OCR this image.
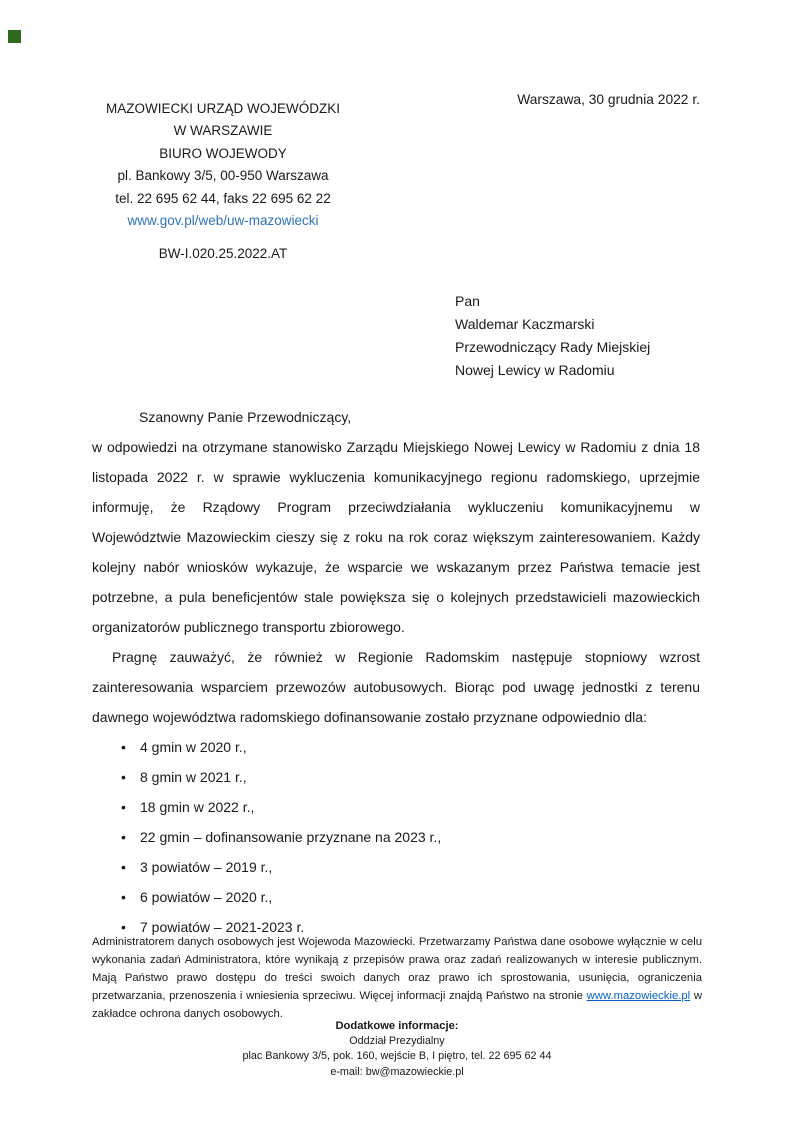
Warszawa, 30 grudnia 2022 r.
MAZOWIECKI URZĄD WOJEWÓDZKI
W WARSZAWIE
BIURO WOJEWODY
pl. Bankowy 3/5, 00-950 Warszawa
tel. 22 695 62 44, faks 22 695 62 22
www.gov.pl/web/uw-mazowiecki
BW-I.020.25.2022.AT
Pan
Waldemar Kaczmarski
Przewodniczący Rady Miejskiej
Nowej Lewicy w Radomiu

Szanowny Panie Przewodniczący,

w odpowiedzi na otrzymane stanowisko Zarządu Miejskiego Nowej Lewicy w Radomiu z dnia 18 listopada 2022 r. w sprawie wykluczenia komunikacyjnego regionu radomskiego, uprzejmie informuję, że Rządowy Program przeciwdziałania wykluczeniu komunikacyjnemu w Województwie Mazowieckim cieszy się z roku na rok coraz większym zainteresowaniem. Każdy kolejny nabór wniosków wykazuje, że wsparcie we wskazanym przez Państwa temacie jest potrzebne, a pula beneficjentów stale powiększa się o kolejnych przedstawicieli mazowieckich organizatorów publicznego transportu zbiorowego.

Pragnę zauważyć, że również w Regionie Radomskim następuje stopniowy wzrost zainteresowania wsparciem przewozów autobusowych. Biorąc pod uwagę jednostki z terenu dawnego województwa radomskiego dofinansowanie zostało przyznane odpowiednio dla:

• 4 gmin w 2020 r.,
• 8 gmin w 2021 r.,
• 18 gmin w 2022 r.,
• 22 gmin – dofinansowanie przyznane na 2023 r.,
• 3 powiatów – 2019 r.,
• 6 powiatów – 2020 r.,
• 7 powiatów – 2021-2023 r.
Administratorem danych osobowych jest Wojewoda Mazowiecki. Przetwarzamy Państwa dane osobowe wyłącznie w celu wykonania zadań Administratora, które wynikają z przepisów prawa oraz zadań realizowanych w interesie publicznym. Mają Państwo prawo dostępu do treści swoich danych oraz prawo ich sprostowania, usunięcia, ograniczenia przetwarzania, przenoszenia i wniesienia sprzeciwu. Więcej informacji znajdą Państwo na stronie www.mazowieckie.pl w zakładce ochrona danych osobowych.
Dodatkowe informacje:
Oddział Prezydialny
plac Bankowy 3/5, pok. 160, wejście B, I piętro, tel. 22 695 62 44
e-mail: bw@mazowieckie.pl
